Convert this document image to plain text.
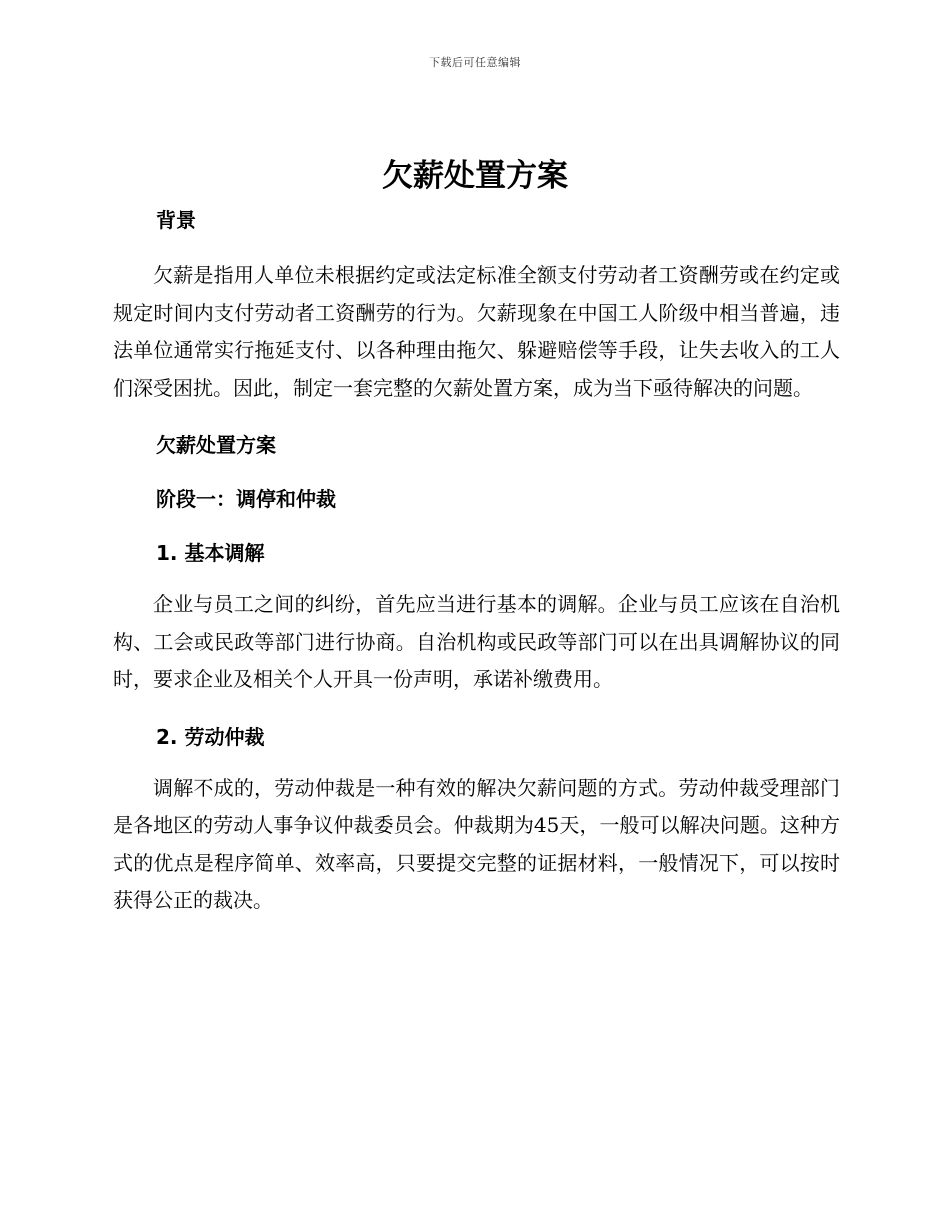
下载后可任意编辑
欠薪处置方案
背景

欠薪是指用人单位未根据约定或法定标准全额支付劳动者工资酬劳或在约定或规定时间内支付劳动者工资酬劳的行为。欠薪现象在中国工人阶级中相当普遍，违法单位通常实行拖延支付、以各种理由拖欠、躲避赔偿等手段，让失去收入的工人们深受困扰。因此，制定一套完整的欠薪处置方案，成为当下亟待解决的问题。

欠薪处置方案
阶段一：调停和仲裁
1. 基本调解

企业与员工之间的纠纷，首先应当进行基本的调解。企业与员工应该在自治机构、工会或民政等部门进行协商。自治机构或民政等部门可以在出具调解协议的同时，要求企业及相关个人开具一份声明，承诺补缴费用。

2. 劳动仲裁

调解不成的，劳动仲裁是一种有效的解决欠薪问题的方式。劳动仲裁受理部门是各地区的劳动人事争议仲裁委员会。仲裁期为45天，一般可以解决问题。这种方式的优点是程序简单、效率高，只要提交完整的证据材料，一般情况下，可以按时获得公正的裁决。
